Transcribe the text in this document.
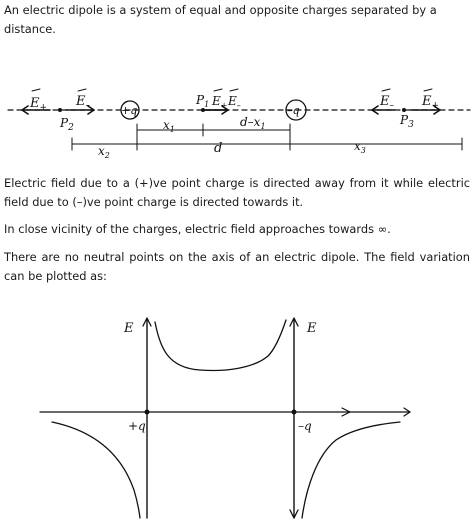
An electric dipole is a system of equal and opposite charges separated by a distance.

$E_+$ $E_-$
$P_2$
+q
$P_1$ $E_+$ $E_-$	–q
$E_-$ $E_+$
$P_3$
$x_1$
$d-x_1$
$x_2$	d	$x_3$

Electric field due to a (+)ve point charge is directed away from it while electric field due to (–)ve point charge is directed towards it.

In close vicinity of the charges, electric field approaches towards ∞.

There are no neutral points on the axis of an electric dipole. The field variation can be plotted as:

E	E
+q	–q
